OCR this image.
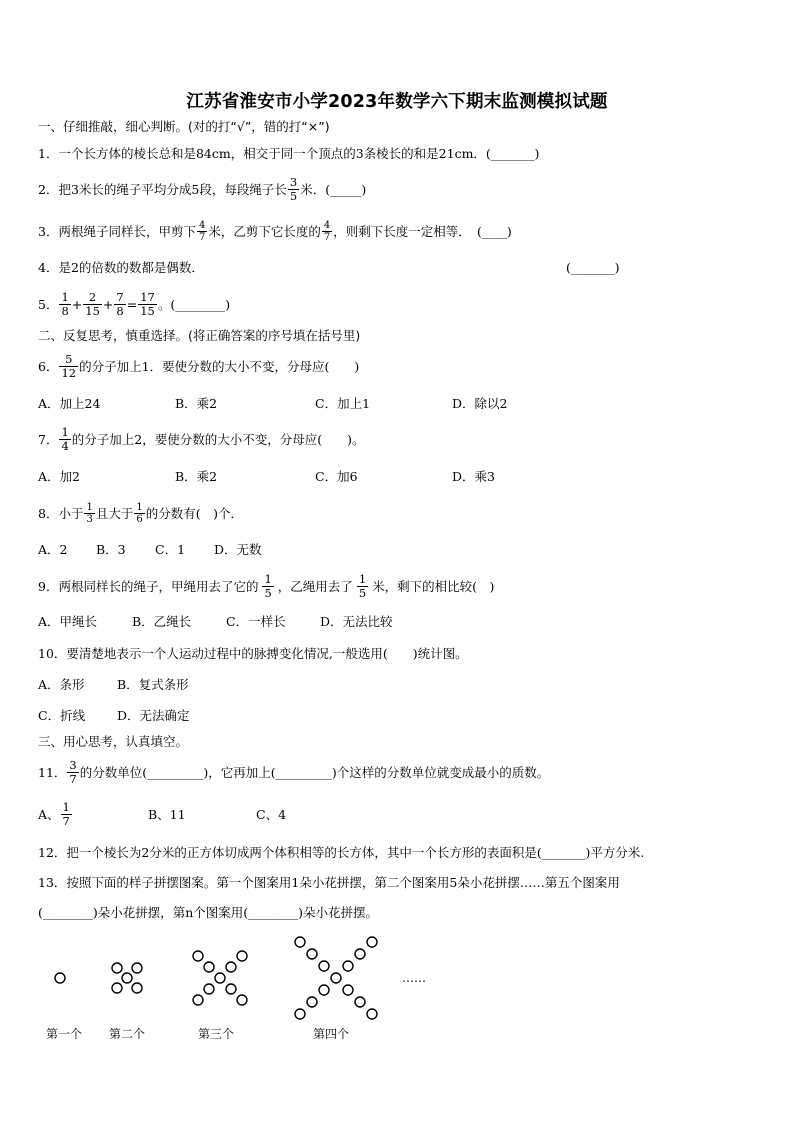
江苏省淮安市小学2023年数学六下期末监测模拟试题
一、仔细推敲，细心判断。(对的打“√”，错的打“×”)
1．一个长方体的棱长总和是84cm，相交于同一个顶点的3条棱长的和是21cm．(_______)
2．把3米长的绳子平均分成5段，每段绳子长 $\frac{3}{5}$ 米．(_____)
3．两根绳子同样长，甲剪下 $\frac{4}{7}$ 米，乙剪下它长度的 $\frac{4}{7}$ ，则剩下长度一定相等．　(____)
4．是2的倍数的数都是偶数．	(_______)
5． $\frac{1}{8} + \frac{2}{15} + \frac{7}{8} = \frac{17}{15}$ 。(________)
二、反复思考，慎重选择。(将正确答案的序号填在括号里)
6． $\frac{5}{12}$ 的分子加上1．要使分数的大小不变，分母应(　　)
A．加上24	B．乘2	C．加上1	D．除以2
7． $\frac{1}{4}$ 的分子加上2，要使分数的大小不变，分母应(　　)。
A．加2	B．乘2	C．加6	D．乘3
8．小于 $\frac{1}{3}$ 且大于 $\frac{1}{6}$ 的分数有(　)个．
A．2 B．3 C．1 D．无数
9．两根同样长的绳子，甲绳用去了它的 $\frac{1}{5}$ ，乙绳用去了 $\frac{1}{5}$ 米，剩下的相比较(　)
A．甲绳长	B．乙绳长	C．一样长	D．无法比较
10．要清楚地表示一个人运动过程中的脉搏变化情况,一般选用(　　)统计图。
A．条形	B．复式条形
C．折线	D．无法确定
三、用心思考，认真填空。
11． $\frac{3}{7}$ 的分数单位(_________)，它再加上(_________)个这样的分数单位就变成最小的质数。
A、 $\frac{1}{7}$	B、11	C、4
12．把一个棱长为2分米的正方体切成两个体积相等的长方体，其中一个长方形的表面积是(_______)平方分米.
13．按照下面的样子拼摆图案。第一个图案用1朵小花拼摆，第二个图案用5朵小花拼摆……第五个图案用
(________)朵小花拼摆，第n个图案用(________)朵小花拼摆。
……
第一个 第二个	第三个	第四个
